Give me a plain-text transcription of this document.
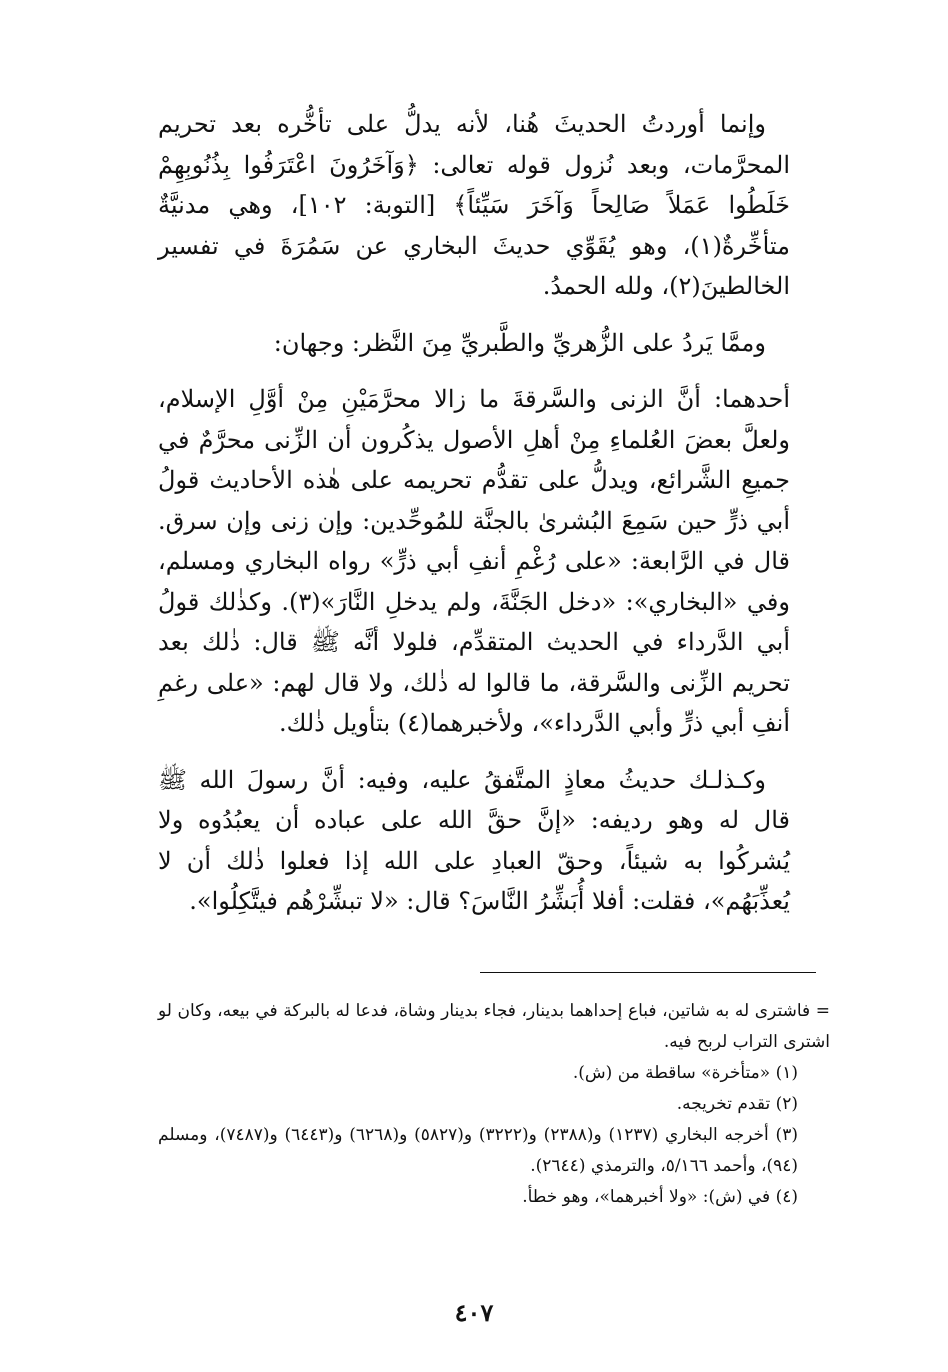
وإنما أوردتُ الحديثَ هُنا، لأنه يدلُّ على تأخُّره بعد تحريم المحرَّمات، وبعد نُزول قوله تعالى: ﴿وَآخَرُونَ اعْتَرَفُوا بِذُنُوبِهِمْ خَلَطُوا عَمَلاً صَالِحاً وَآخَرَ سَيِّئاً﴾ [التوبة: ١٠٢]، وهي مدنيَّةٌ متأخِّرةٌ(١)، وهو يُقَوِّي حديثَ البخاري عن سَمُرَةَ في تفسير الخالطينَ(٢)، ولله الحمدُ.

وممَّا يَردُ على الزُّهريِّ والطَّبريِّ مِنَ النَّظر: وجهان:

أحدهما: أنَّ الزنى والسَّرقةَ ما زالا محرَّمَيْنِ مِنْ أوَّلِ الإسلام، ولعلَّ بعضَ العُلماءِ مِنْ أهلِ الأصول يذكُرون أن الزِّنى محرَّمٌ في جميعِ الشَّرائع، ويدلُّ على تقدُّم تحريمه على هٰذه الأحاديث قولُ أبي ذرٍّ حين سَمِعَ البُشرىٰ بالجنَّة للمُوحِّدين: وإن زنى وإن سرق. قال في الرَّابعة: «على رُغْمِ أنفِ أبي ذرٍّ» رواه البخاري ومسلم، وفي «البخاري»: «دخل الجَنَّةَ، ولم يدخلِ النَّارَ»(٣). وكذٰلك قولُ أبي الدَّرداء في الحديث المتقدِّم، فلولا أنَّه ﷺ قال: ذٰلك بعد تحريم الزِّنى والسَّرقة، ما قالوا له ذٰلك، ولا قال لهم: «على رغمِ أنفِ أبي ذرٍّ وأبي الدَّرداء»، ولأخبرهما(٤) بتأويل ذٰلك.

وكـذلـك حديثُ معاذٍ المتَّفقُ عليه، وفيه: أنَّ رسولَ الله ﷺ قال له وهو رديفه: «إنَّ حقَّ الله على عباده أن يعبُدُوه ولا يُشركُوا به شيئاً، وحقّ العبادِ على الله إذا فعلوا ذٰلك أن لا يُعذِّبَهُم»، فقلت: أفلا أُبَشِّرُ النَّاسَ؟ قال: «لا تبشِّرْهُم فيتَّكِلُوا».

= فاشترى له به شاتين، فباع إحداهما بدينار، فجاء بدينار وشاة، فدعا له بالبركة في بيعه، وكان لو اشترى التراب لربح فيه.

(١) «متأخرة» ساقطة من (ش).

(٢) تقدم تخريجه.

(٣) أخرجه البخاري (١٢٣٧) و(٢٣٨٨) و(٣٢٢٢) و(٥٨٢٧) و(٦٢٦٨) و(٦٤٤٣) و(٧٤٨٧)، ومسلم (٩٤)، وأحمد ٥/١٦٦، والترمذي (٢٦٤٤).

(٤) في (ش): «ولا أخبرهما»، وهو خطأ.

٤٠٧
